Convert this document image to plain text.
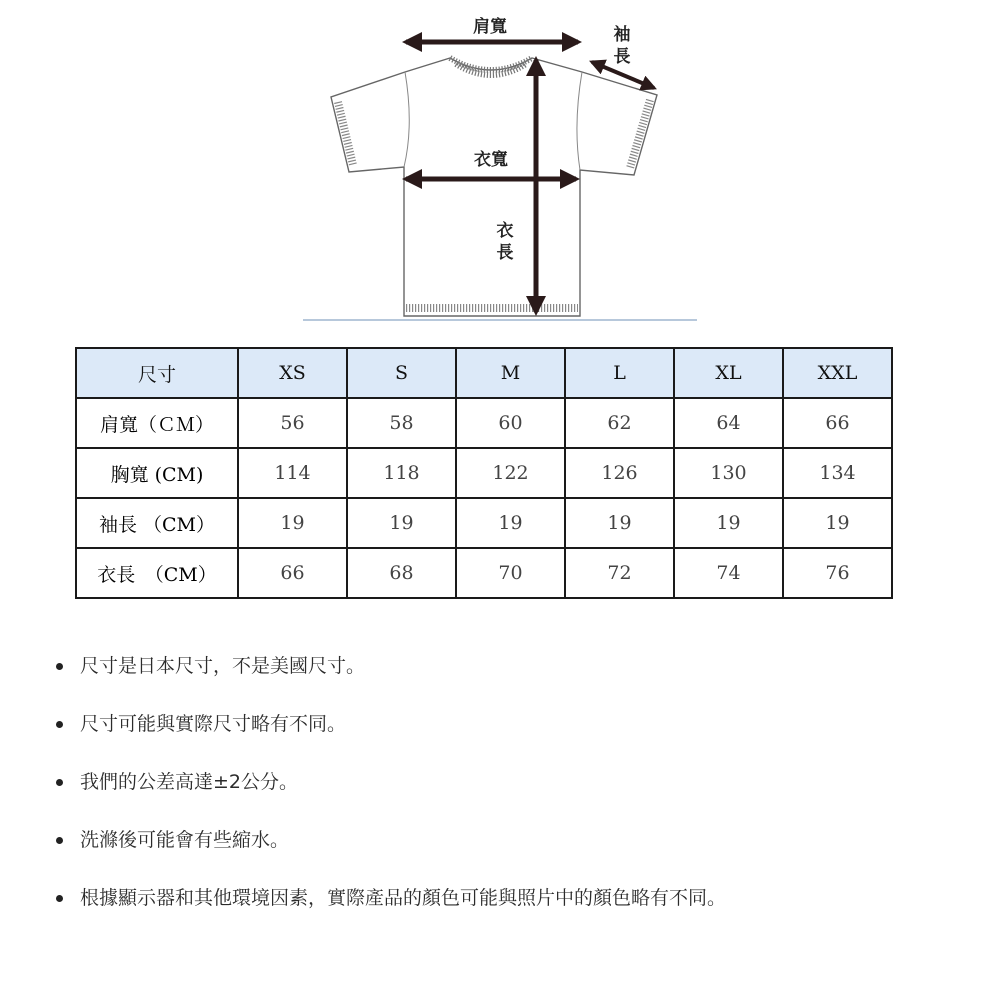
肩寬	袖
長
衣寬
衣
長
尺寸	XS	S	M	L	XL	XXL
肩寬（ＣＭ）	56	58	60	62	64	66
胸寬 (CM)	114	118	122	126	130	134
袖長 （CM）	19	19	19	19	19	19
衣長　（CM）	66	68	70	72	74	76
尺寸是日本尺寸，不是美國尺寸。
尺寸可能與實際尺寸略有不同。
我們的公差高達±2公分。
洗滌後可能會有些縮水。
根據顯示器和其他環境因素，實際產品的顏色可能與照片中的顏色略有不同。
